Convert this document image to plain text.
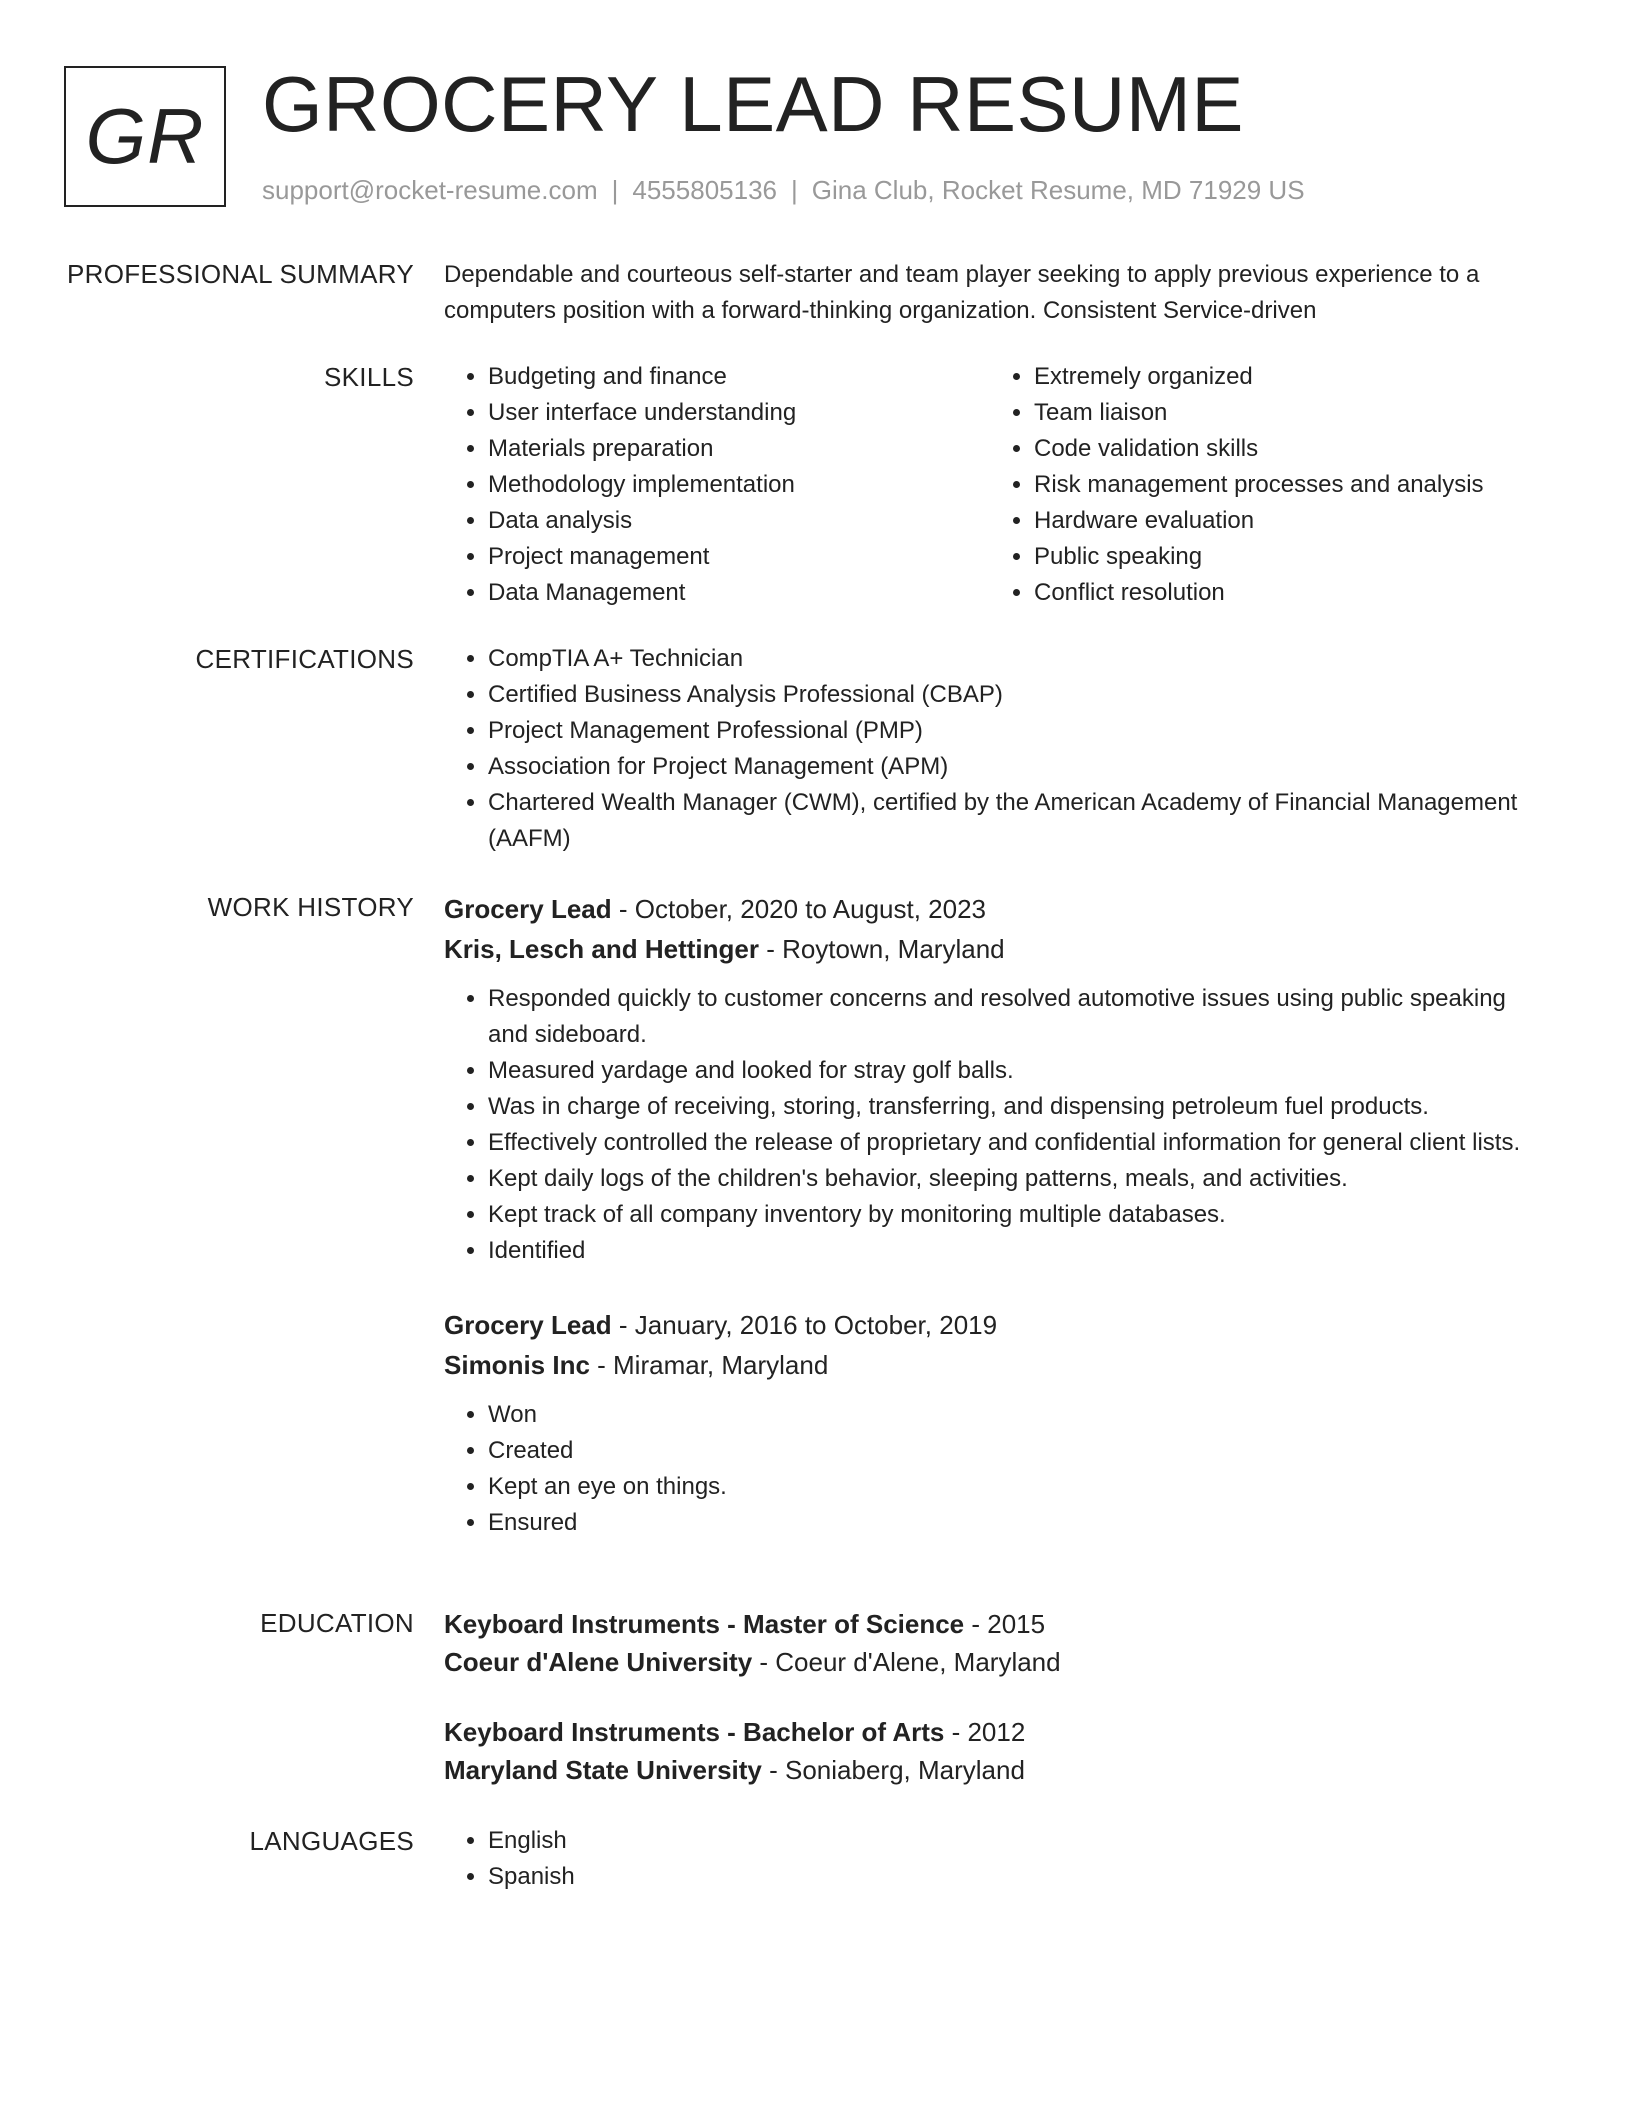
GR GROCERY LEAD RESUME
support@rocket-resume.com | 4555805136 | Gina Club, Rocket Resume, MD 71929 US
PROFESSIONAL SUMMARY Dependable and courteous self-starter and team player seeking to apply previous experience to a computers position with a forward-thinking organization. Consistent Service-driven

SKILLS	• Budgeting and finance
• User interface understanding
• Materials preparation
• Methodology implementation
• Data analysis
• Project management
• Data Management
• Extremely organized
• Team liaison
• Code validation skills
• Risk management processes and analysis
• Hardware evaluation
• Public speaking
• Conflict resolution
CERTIFICATIONS	• CompTIA A+ Technician
• Certified Business Analysis Professional (CBAP)
• Project Management Professional (PMP)
• Association for Project Management (APM)
• Chartered Wealth Manager (CWM), certified by the American Academy of Financial Management (AAFM)
WORK HISTORY Grocery Lead - October, 2020 to August, 2023
Kris, Lesch and Hettinger - Roytown, Maryland
• Responded quickly to customer concerns and resolved automotive issues using public speaking and sideboard.
• Measured yardage and looked for stray golf balls.
• Was in charge of receiving, storing, transferring, and dispensing petroleum fuel products.
• Effectively controlled the release of proprietary and confidential information for general client lists.
• Kept daily logs of the children's behavior, sleeping patterns, meals, and activities.
• Kept track of all company inventory by monitoring multiple databases.
• Identified
Grocery Lead - January, 2016 to October, 2019
Simonis Inc - Miramar, Maryland
• Won
• Created
• Kept an eye on things.
• Ensured
EDUCATION Keyboard Instruments - Master of Science - 2015
Coeur d'Alene University - Coeur d'Alene, Maryland
Keyboard Instruments - Bachelor of Arts - 2012
Maryland State University - Soniaberg, Maryland
LANGUAGES	• English
• Spanish
